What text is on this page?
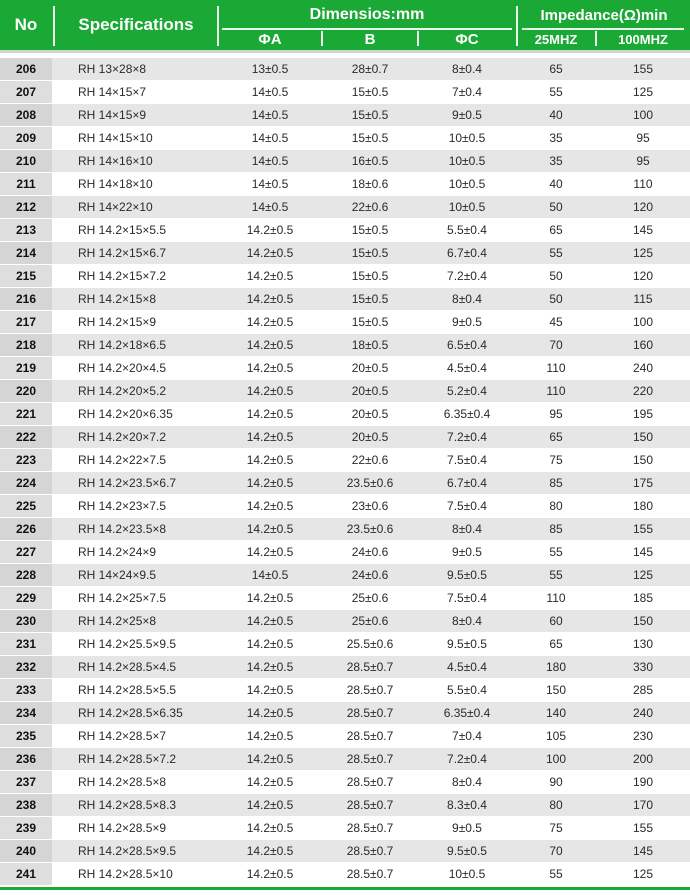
No	Specifications
Dimensios:mm	Impedance(Ω)min
ΦA	B	ΦC	25MHZ	100MHZ
206	RH 13×28×8	13±0.5	28±0.7	8±0.4	65	155
207	RH 14×15×7	14±0.5	15±0.5	7±0.4	55	125
208	RH 14×15×9	14±0.5	15±0.5	9±0.5	40	100
209	RH 14×15×10	14±0.5	15±0.5	10±0.5	35	95
210	RH 14×16×10	14±0.5	16±0.5	10±0.5	35	95
211	RH 14×18×10	14±0.5	18±0.6	10±0.5	40	110
212	RH 14×22×10	14±0.5	22±0.6	10±0.5	50	120
213	RH 14.2×15×5.5	14.2±0.5	15±0.5	5.5±0.4	65	145
214	RH 14.2×15×6.7	14.2±0.5	15±0.5	6.7±0.4	55	125
215	RH 14.2×15×7.2	14.2±0.5	15±0.5	7.2±0.4	50	120
216	RH 14.2×15×8	14.2±0.5	15±0.5	8±0.4	50	115
217	RH 14.2×15×9	14.2±0.5	15±0.5	9±0.5	45	100
218	RH 14.2×18×6.5	14.2±0.5	18±0.5	6.5±0.4	70	160
219	RH 14.2×20×4.5	14.2±0.5	20±0.5	4.5±0.4	110	240
220	RH 14.2×20×5.2	14.2±0.5	20±0.5	5.2±0.4	110	220
221	RH 14.2×20×6.35	14.2±0.5	20±0.5	6.35±0.4	95	195
222	RH 14.2×20×7.2	14.2±0.5	20±0.5	7.2±0.4	65	150
223	RH 14.2×22×7.5	14.2±0.5	22±0.6	7.5±0.4	75	150
224	RH 14.2×23.5×6.7	14.2±0.5	23.5±0.6	6.7±0.4	85	175
225	RH 14.2×23×7.5	14.2±0.5	23±0.6	7.5±0.4	80	180
226	RH 14.2×23.5×8	14.2±0.5	23.5±0.6	8±0.4	85	155
227	RH 14.2×24×9	14.2±0.5	24±0.6	9±0.5	55	145
228	RH 14×24×9.5	14±0.5	24±0.6	9.5±0.5	55	125
229	RH 14.2×25×7.5	14.2±0.5	25±0.6	7.5±0.4	110	185
230	RH 14.2×25×8	14.2±0.5	25±0.6	8±0.4	60	150
231	RH 14.2×25.5×9.5	14.2±0.5	25.5±0.6	9.5±0.5	65	130
232	RH 14.2×28.5×4.5	14.2±0.5	28.5±0.7	4.5±0.4	180	330
233	RH 14.2×28.5×5.5	14.2±0.5	28.5±0.7	5.5±0.4	150	285
234	RH 14.2×28.5×6.35	14.2±0.5	28.5±0.7	6.35±0.4	140	240
235	RH 14.2×28.5×7	14.2±0.5	28.5±0.7	7±0.4	105	230
236	RH 14.2×28.5×7.2	14.2±0.5	28.5±0.7	7.2±0.4	100	200
237	RH 14.2×28.5×8	14.2±0.5	28.5±0.7	8±0.4	90	190
238	RH 14.2×28.5×8.3	14.2±0.5	28.5±0.7	8.3±0.4	80	170
239	RH 14.2×28.5×9	14.2±0.5	28.5±0.7	9±0.5	75	155
240	RH 14.2×28.5×9.5	14.2±0.5	28.5±0.7	9.5±0.5	70	145
241	RH 14.2×28.5×10	14.2±0.5	28.5±0.7	10±0.5	55	125
